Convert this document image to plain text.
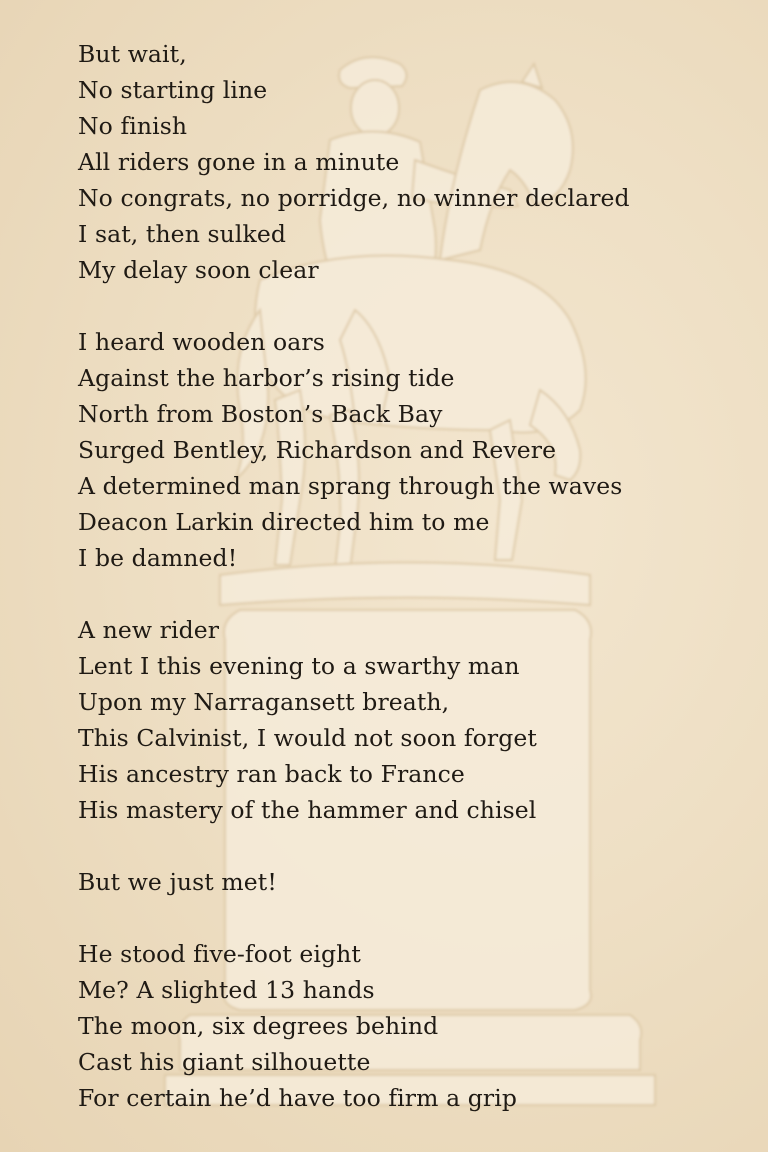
But wait,
No starting line
No finish
All riders gone in a minute
No congrats, no porridge, no winner declared
I sat, then sulked
My delay soon clear
I heard wooden oars
Against the harbor’s rising tide
North from Boston’s Back Bay
Surged Bentley, Richardson and Revere
A determined man sprang through the waves
Deacon Larkin directed him to me
I be damned!
A new rider
Lent I this evening to a swarthy man
Upon my Narragansett breath,
This Calvinist, I would not soon forget
His ancestry ran back to France
His mastery of the hammer and chisel
But we just met!
He stood five-foot eight
Me? A slighted 13 hands
The moon, six degrees behind
Cast his giant silhouette
For certain he’d have too firm a grip
